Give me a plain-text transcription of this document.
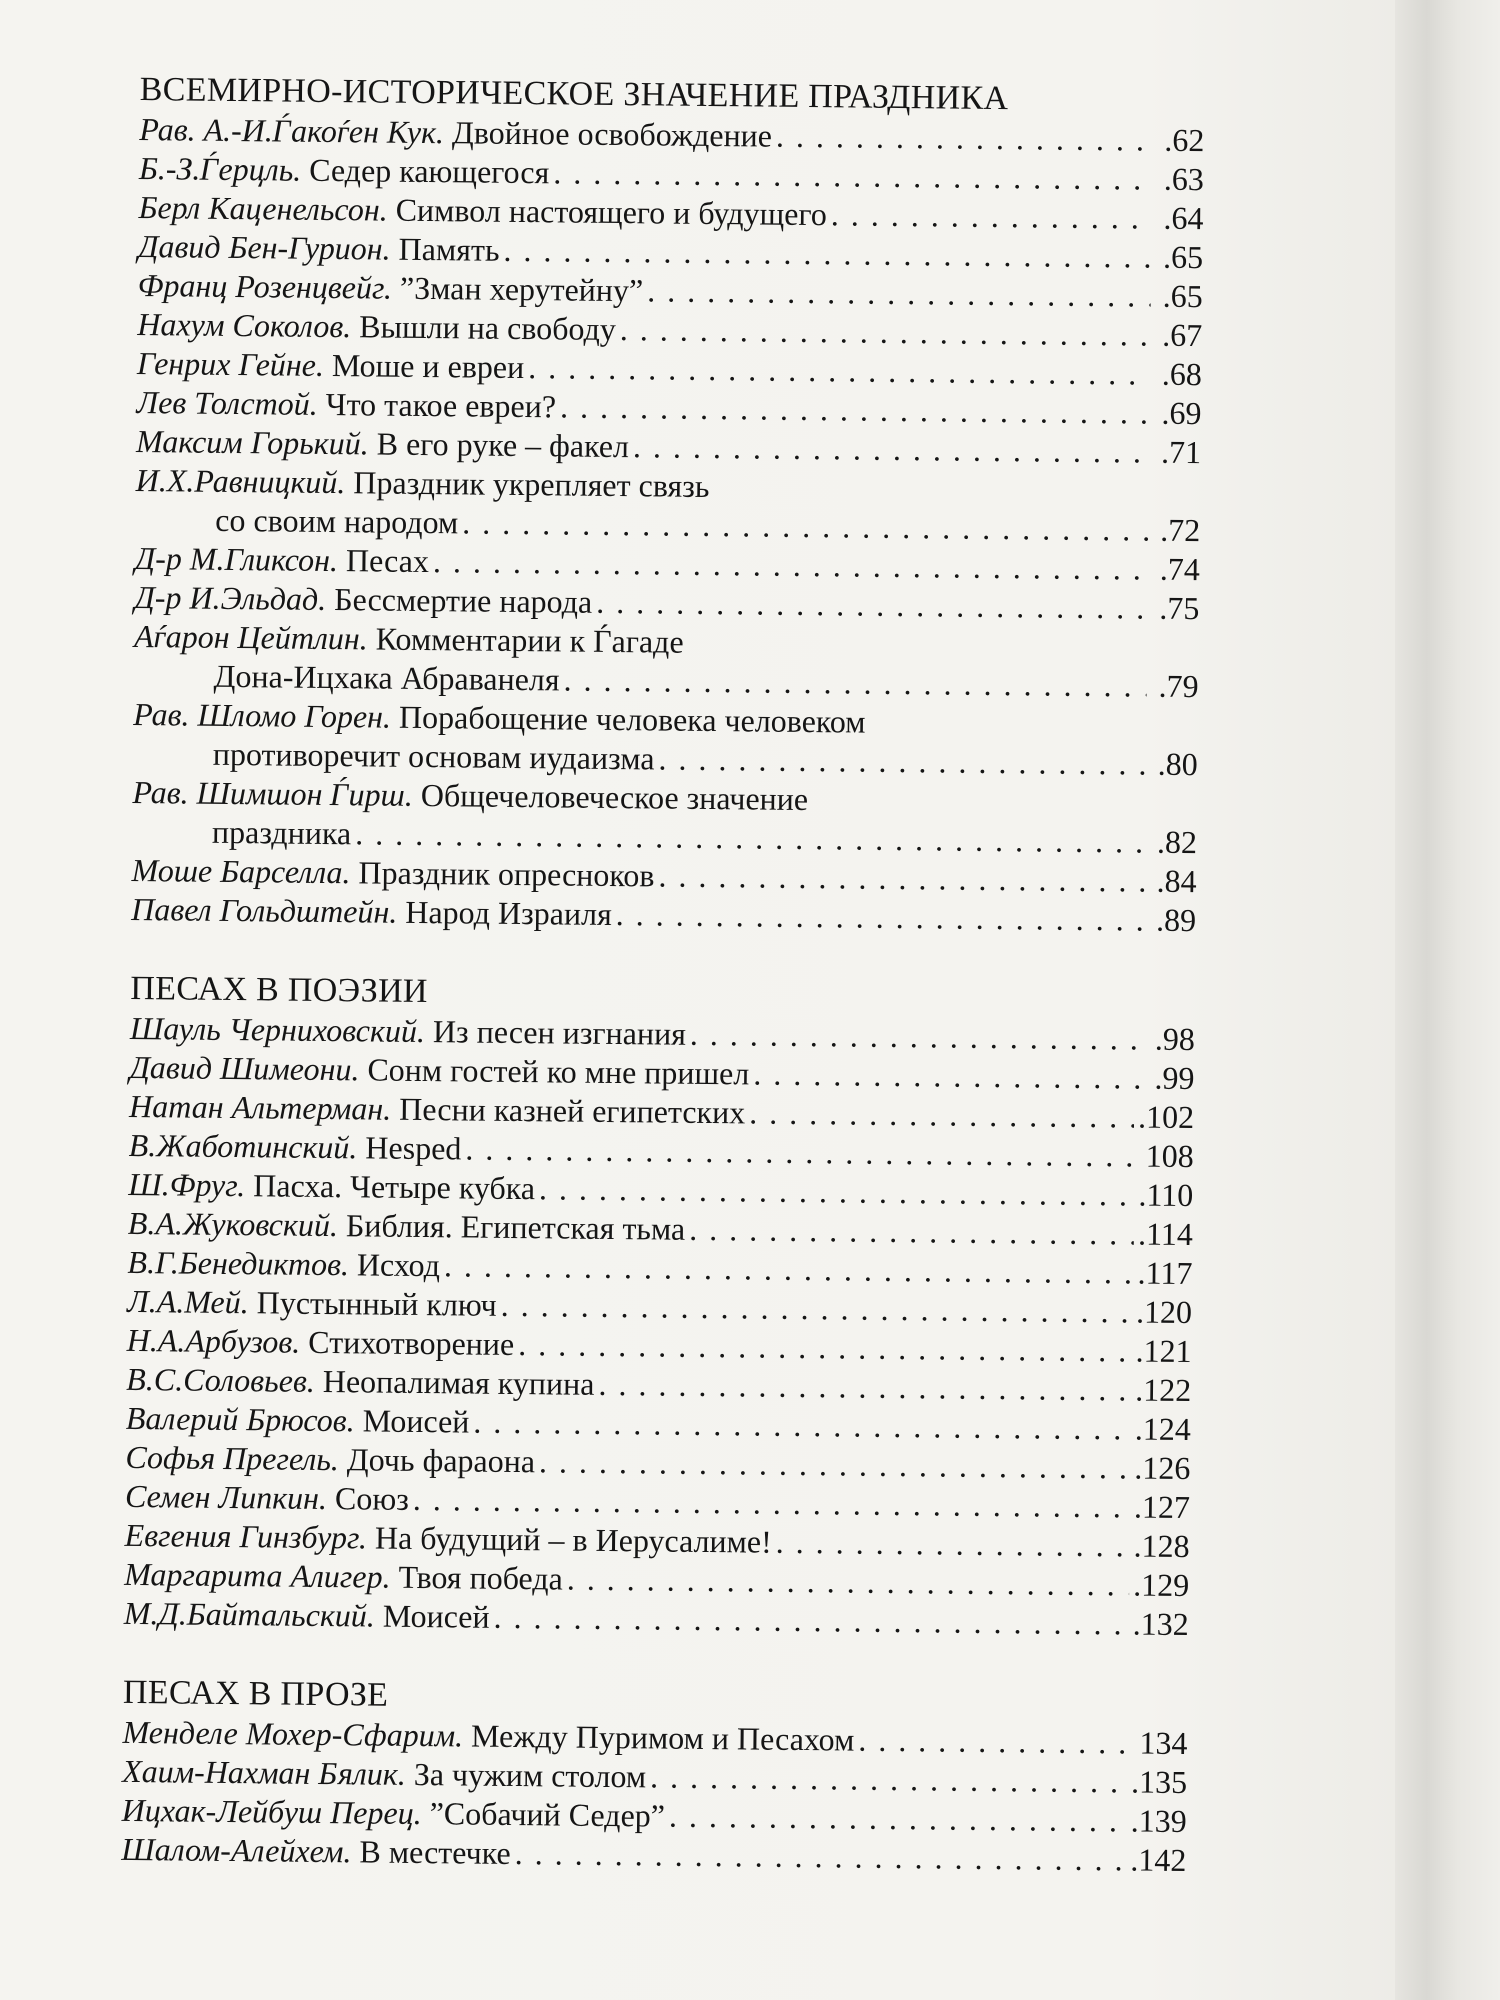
ВСЕМИРНО-ИСТОРИЧЕСКОЕ ЗНАЧЕНИЕ ПРАЗДНИКА
Рав. А.-И.Ѓакоѓен Кук. Двойное освобождение . . .	.62
Б.-З.Ѓерцль. Седер кающегося . . .	.63
Берл Каценельсон. Символ настоящего и будущего . . .	.64
Давид Бен-Гурион. Память . . .	.65
Франц Розенцвейг. ”Зман херутейну” . . .	.65
Нахум Соколов. Вышли на свободу . . .	.67
Генрих Гейне. Моше и евреи . . .	.68
Лев Толстой. Что такое евреи? . . .	.69
Максим Горький. В его руке – факел . . .	.71
И.Х.Равницкий. Праздник укрепляет связь
со своим народом . . .	.72
Д-р М.Гликсон. Песах . . .	.74
Д-р И.Эльдад. Бессмертие народа . . .	.75
Аѓарон Цейтлин. Комментарии к Ѓагаде
Дона-Ицхака Абраванеля . . .	.79
Рав. Шломо Горен. Порабощение человека человеком
противоречит основам иудаизма . . .	.80
Рав. Шимшон Ѓирш. Общечеловеческое значение
праздника . . .	.82
Моше Барселла. Праздник опресноков . . .	.84
Павел Гольдштейн. Народ Израиля . . .	.89
ПЕСАХ В ПОЭЗИИ
Шауль Черниховский. Из песен изгнания . . .	.98
Давид Шимеони. Сонм гостей ко мне пришел . . .	.99
Натан Альтерман. Песни казней египетских . . .	.102
В.Жаботинский. Hesped . . .	108
Ш.Фруг. Пасха. Четыре кубка . . .	.110
В.А.Жуковский. Библия. Египетская тьма . . .	.114
В.Г.Бенедиктов. Исход . . .	.117
Л.А.Мей. Пустынный ключ . . .	.120
Н.А.Арбузов. Стихотворение . . .	.121
В.С.Соловьев. Неопалимая купина . . .	.122
Валерий Брюсов. Моисей . . .	.124
Софья Прегель. Дочь фараона . . .	.126
Семен Липкин. Союз . . .	.127
Евгения Гинзбург. На будущий – в Иерусалиме! . . .	.128
Маргарита Алигер. Твоя победа . . .	.129
М.Д.Байтальский. Моисей . . .	.132
ПЕСАХ В ПРОЗЕ
Менделе Мохер-Сфарим. Между Пуримом и Песахом . . .	134
Хаим-Нахман Бялик. За чужим столом . . .	.135
Ицхак-Лейбуш Перец. ”Собачий Седер” . . .	.139
Шалом-Алейхем. В местечке . . .	.142
